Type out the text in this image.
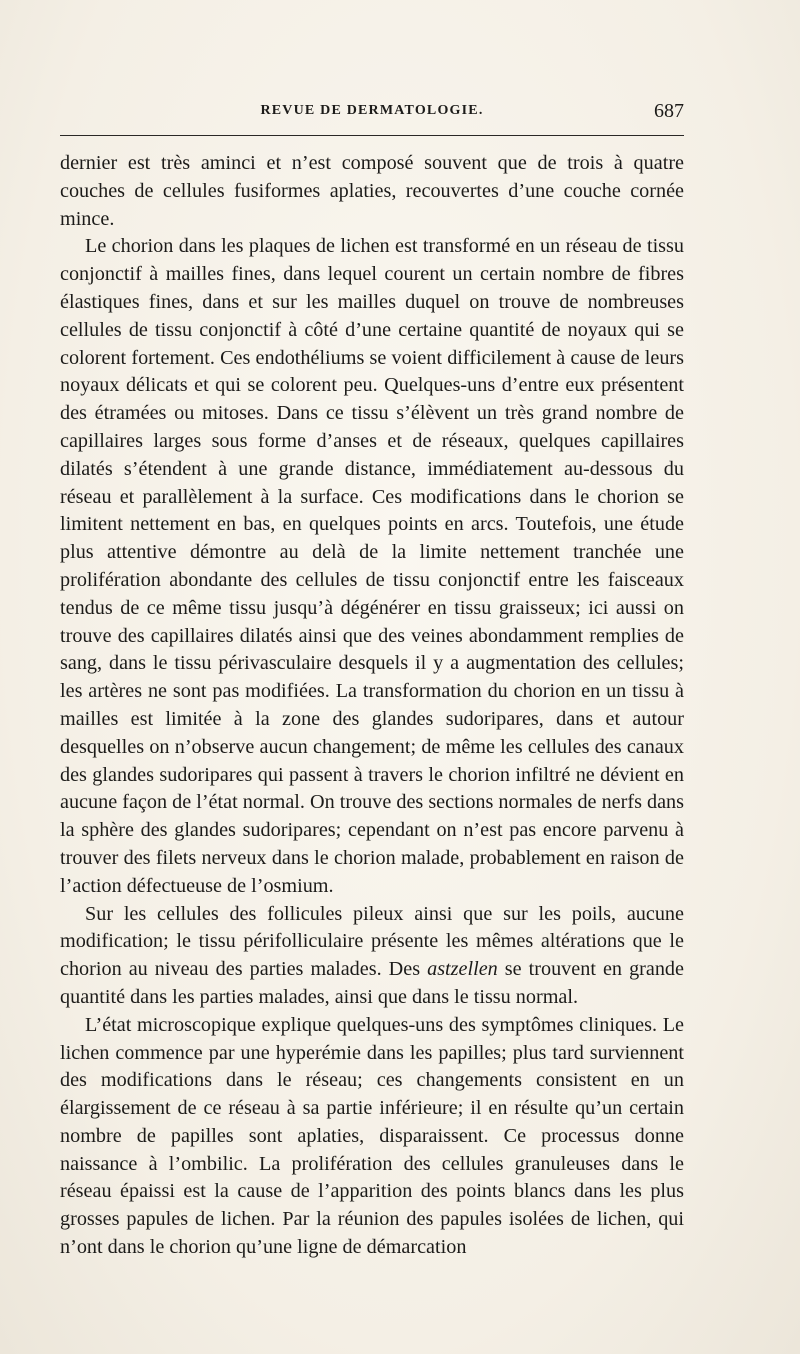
REVUE DE DERMATOLOGIE.	687

dernier est très aminci et n’est composé souvent que de trois à quatre couches de cellules fusiformes aplaties, recouvertes d’une couche cornée mince.

Le chorion dans les plaques de lichen est transformé en un réseau de tissu conjonctif à mailles fines, dans lequel courent un certain nombre de fibres élastiques fines, dans et sur les mailles duquel on trouve de nombreuses cellules de tissu conjonctif à côté d’une certaine quantité de noyaux qui se colorent fortement. Ces endothéliums se voient difficilement à cause de leurs noyaux délicats et qui se colorent peu. Quelques-uns d’entre eux présentent des étramées ou mitoses. Dans ce tissu s’élèvent un très grand nombre de capillaires larges sous forme d’anses et de réseaux, quelques capillaires dilatés s’étendent à une grande distance, immédiatement au-dessous du réseau et parallèlement à la surface. Ces modifications dans le chorion se limitent nettement en bas, en quelques points en arcs. Toutefois, une étude plus attentive démontre au delà de la limite nettement tranchée une prolifération abondante des cellules de tissu conjonctif entre les faisceaux tendus de ce même tissu jusqu’à dégénérer en tissu graisseux; ici aussi on trouve des capillaires dilatés ainsi que des veines abondamment remplies de sang, dans le tissu périvasculaire desquels il y a augmentation des cellules; les artères ne sont pas modifiées. La transformation du chorion en un tissu à mailles est limitée à la zone des glandes sudoripares, dans et autour desquelles on n’observe aucun changement; de même les cellules des canaux des glandes sudoripares qui passent à travers le chorion infiltré ne dévient en aucune façon de l’état normal. On trouve des sections normales de nerfs dans la sphère des glandes sudoripares; cependant on n’est pas encore parvenu à trouver des filets nerveux dans le chorion malade, probablement en raison de l’action défectueuse de l’osmium.

Sur les cellules des follicules pileux ainsi que sur les poils, aucune modification; le tissu périfolliculaire présente les mêmes altérations que le chorion au niveau des parties malades. Des astzellen se trouvent en grande quantité dans les parties malades, ainsi que dans le tissu normal.

L’état microscopique explique quelques-uns des symptômes cliniques. Le lichen commence par une hyperémie dans les papilles; plus tard surviennent des modifications dans le réseau; ces changements consistent en un élargissement de ce réseau à sa partie inférieure; il en résulte qu’un certain nombre de papilles sont aplaties, disparaissent. Ce processus donne naissance à l’ombilic. La prolifération des cellules granuleuses dans le réseau épaissi est la cause de l’apparition des points blancs dans les plus grosses papules de lichen. Par la réunion des papules isolées de lichen, qui n’ont dans le chorion qu’une ligne de démarcation
